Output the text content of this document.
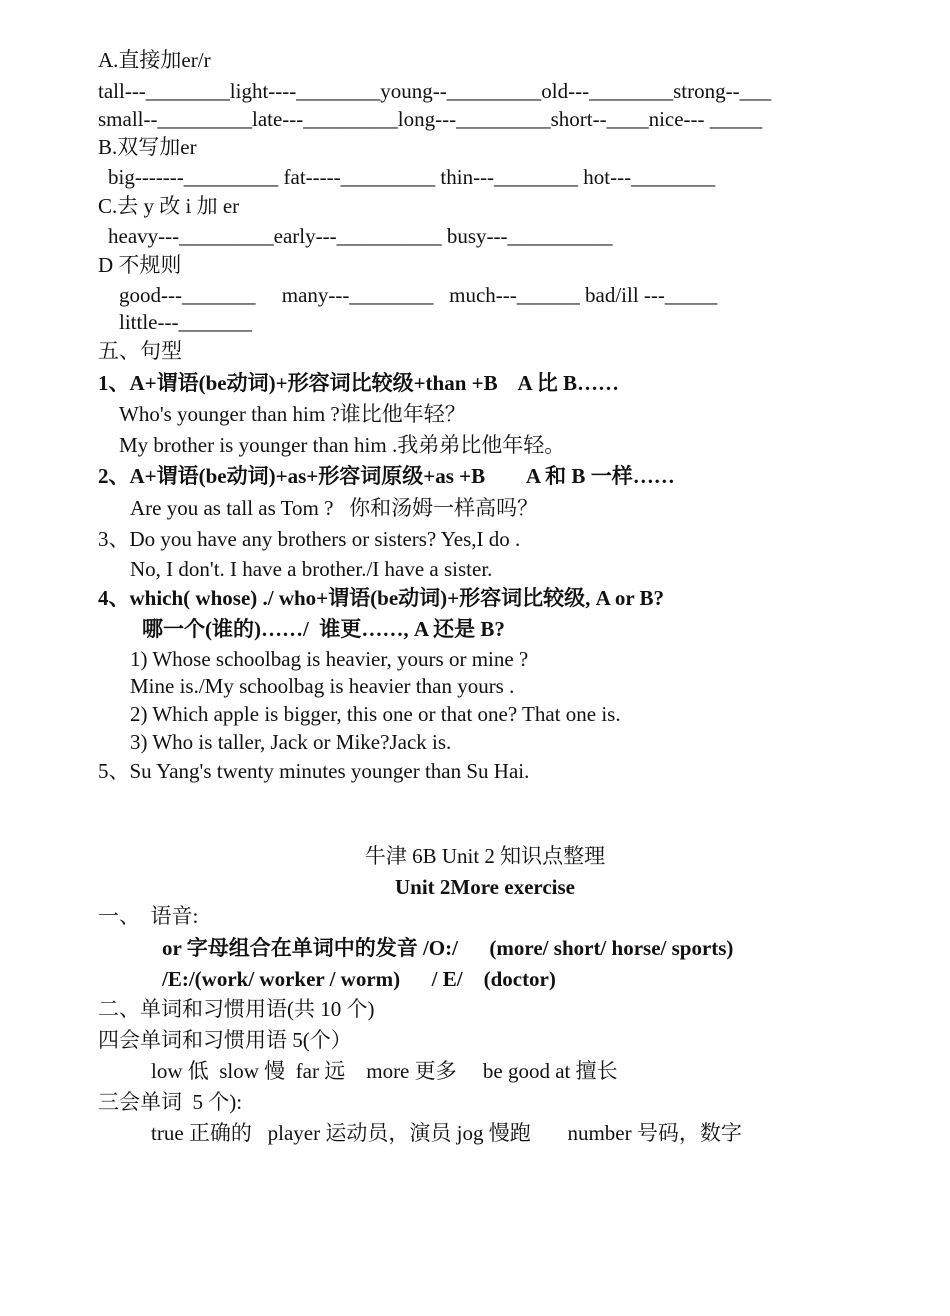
A.直接加er/r
tall---________light----________young--_________old---________strong--___
small--_________late---_________long---_________short--____nice--- _____
B.双写加er
big-------_________ fat-----_________ thin---________ hot---________
C.去 y 改 i 加 er
heavy---_________early---__________ busy---__________
D 不规则
good---_______     many---________   much---______ bad/ill ---_____
little---_______
五、句型
1、A+谓语(be动词)+形容词比较级+than +B    A 比 B……
Who's younger than him ?谁比他年轻？
My brother is younger than him .我弟弟比他年轻。
2、A+谓语(be动词)+as+形容词原级+as +B        A 和 B 一样……
Are you as tall as Tom ?   你和汤姆一样高吗？
3、Do you have any brothers or sisters? Yes,I do .
No, I don't. I have a brother./I have a sister.
4、which( whose) ./ who+谓语(be动词)+形容词比较级, A or B?
哪一个(谁的)……/  谁更……, A 还是 B?
1) Whose schoolbag is heavier, yours or mine ?
Mine is./My schoolbag is heavier than yours .
2) Which apple is bigger, this one or that one? That one is.
3) Who is taller, Jack or Mike?Jack is.
5、Su Yang's twenty minutes younger than Su Hai.
牛津 6B Unit 2 知识点整理
Unit 2More exercise
一、  语音:
or 字母组合在单词中的发音 /O:/      (more/ short/ horse/ sports)
/E:/(work/ worker / worm)      / E/    (doctor)
二、单词和习惯用语(共 10 个)
四会单词和习惯用语 5(个）
low 低  slow 慢  far 远    more 更多     be good at 擅长
三会单词  5 个):
true 正确的   player 运动员，演员 jog 慢跑       number 号码，数字
